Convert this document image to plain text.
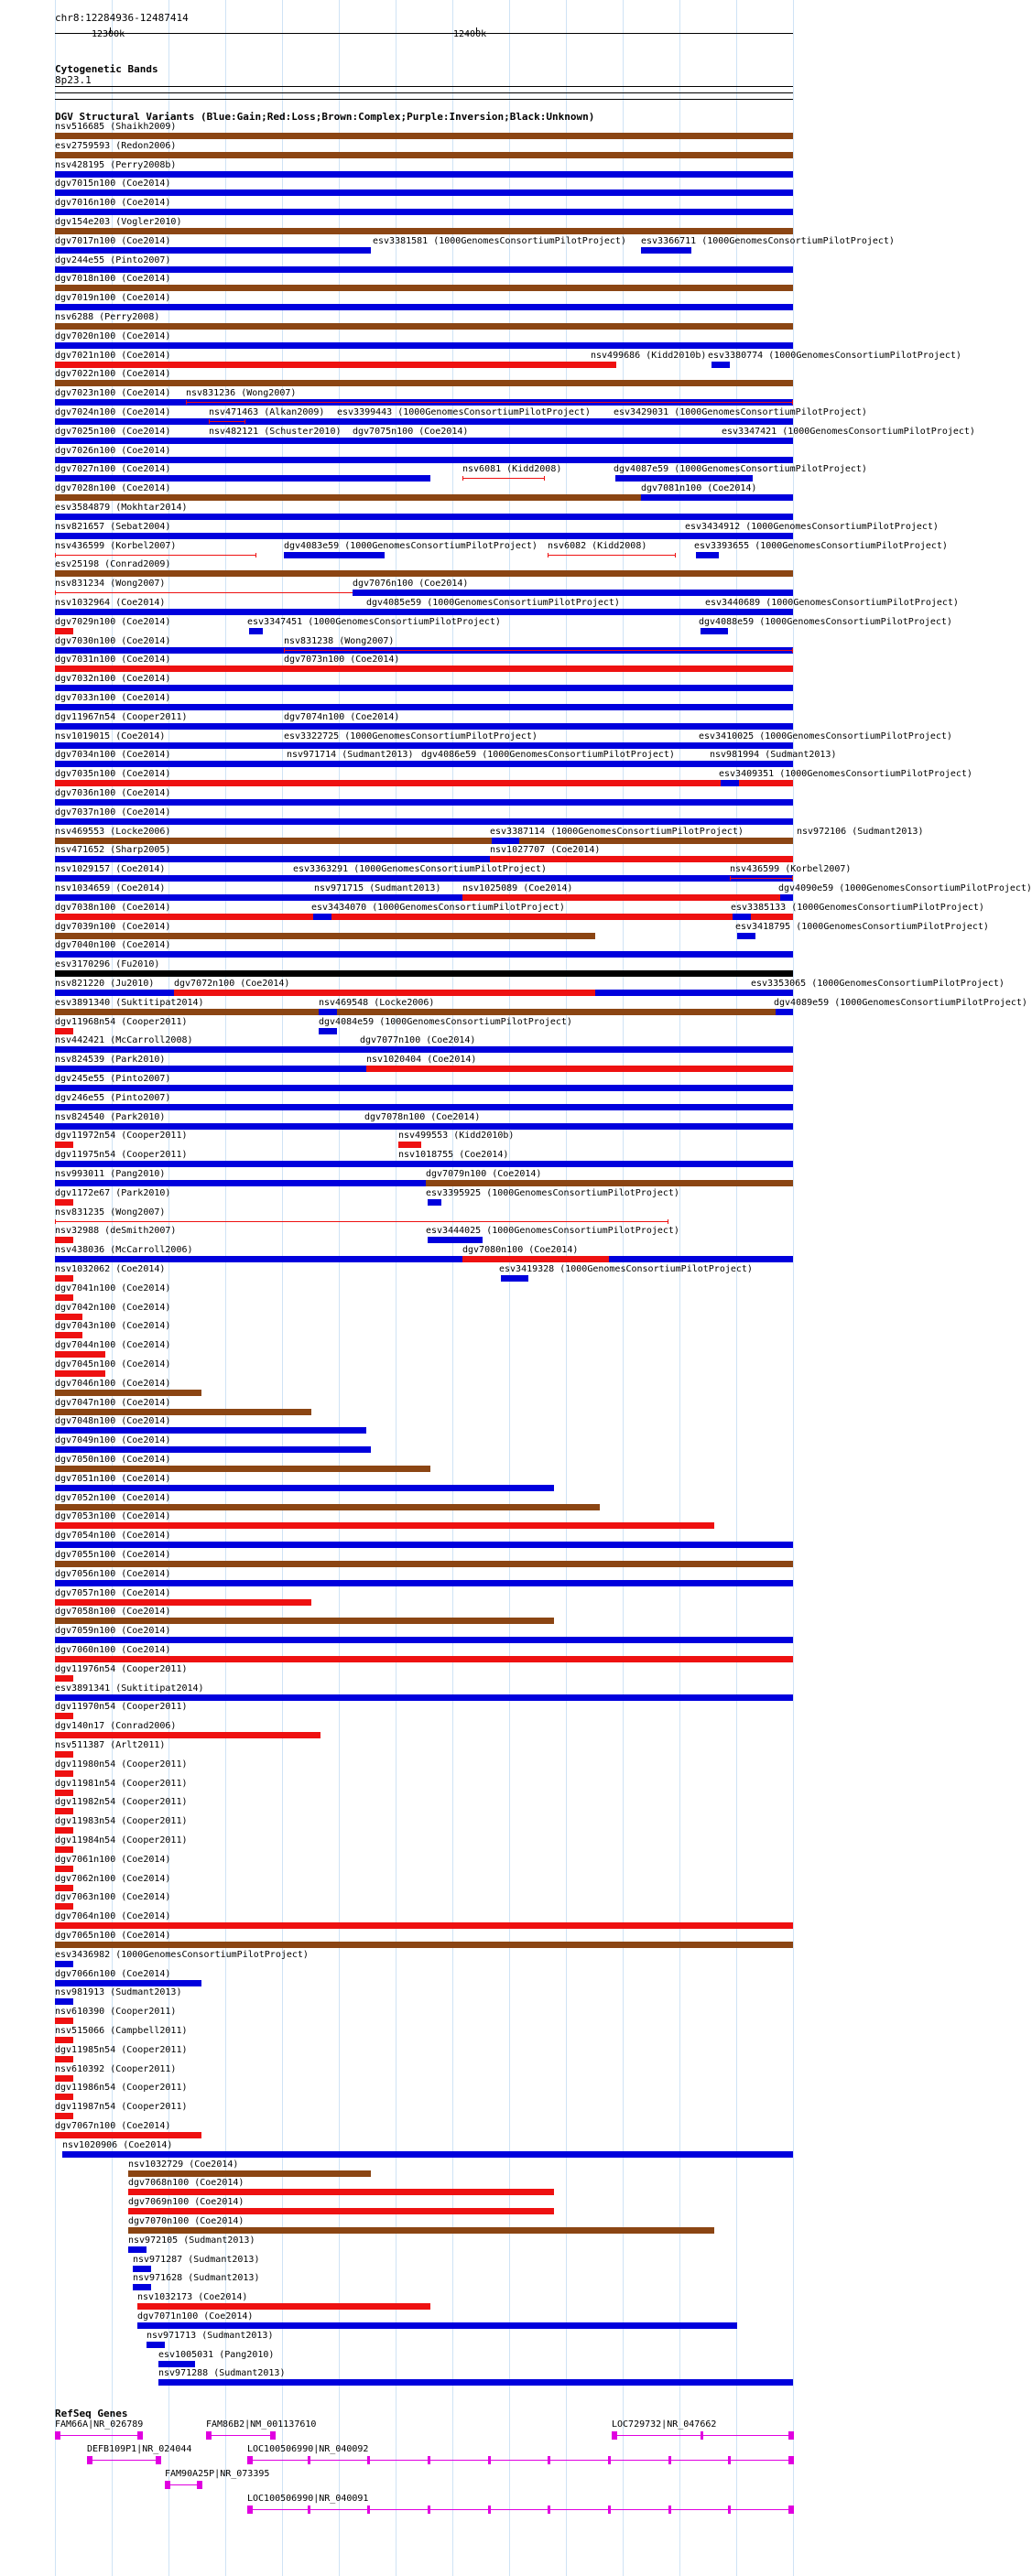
chr8:12284936-12487414
12300k	12400k
Cytogenetic Bands
8p23.1
DGV Structural Variants (Blue:Gain;Red:Loss;Brown:Complex;Purple:Inversion;Black:Unknown)
nsv516685 (Shaikh2009)
esv2759593 (Redon2006)
nsv428195 (Perry2008b)
dgv7015n100 (Coe2014)
dgv7016n100 (Coe2014)
dgv154e203 (Vogler2010)
dgv7017n100 (Coe2014)	esv3381581 (1000GenomesConsortiumPilotProject) esv3366711 (1000GenomesConsortiumPilotProject)
dgv244e55 (Pinto2007)
dgv7018n100 (Coe2014)
dgv7019n100 (Coe2014)
nsv6288 (Perry2008)
dgv7020n100 (Coe2014)
dgv7021n100 (Coe2014)	nsv499686 (Kidd2010b) esv3380774 (1000GenomesConsortiumPilotProject)
dgv7022n100 (Coe2014)
dgv7023n100 (Coe2014) nsv831236 (Wong2007)
dgv7024n100 (Coe2014)	nsv471463 (Alkan2009) esv3399443 (1000GenomesConsortiumPilotProject)	esv3429031 (1000GenomesConsortiumPilotProject)
dgv7025n100 (Coe2014)	nsv482121 (Schuster2010) dgv7075n100 (Coe2014)	esv3347421 (1000GenomesConsortiumPilotProject)
dgv7026n100 (Coe2014)
dgv7027n100 (Coe2014)	nsv6081 (Kidd2008)	dgv4087e59 (1000GenomesConsortiumPilotProject)
dgv7028n100 (Coe2014)	dgv7081n100 (Coe2014)
esv3584879 (Mokhtar2014)
nsv821657 (Sebat2004)	esv3434912 (1000GenomesConsortiumPilotProject)
nsv436599 (Korbel2007)	dgv4083e59 (1000GenomesConsortiumPilotProject) nsv6082 (Kidd2008)	esv3393655 (1000GenomesConsortiumPilotProject)
esv25198 (Conrad2009)
nsv831234 (Wong2007)	dgv7076n100 (Coe2014)
nsv1032964 (Coe2014)	dgv4085e59 (1000GenomesConsortiumPilotProject)	esv3440689 (1000GenomesConsortiumPilotProject)
dgv7029n100 (Coe2014)	esv3347451 (1000GenomesConsortiumPilotProject)	dgv4088e59 (1000GenomesConsortiumPilotProject)
dgv7030n100 (Coe2014)	nsv831238 (Wong2007)
dgv7031n100 (Coe2014)	dgv7073n100 (Coe2014)
dgv7032n100 (Coe2014)
dgv7033n100 (Coe2014)
dgv11967n54 (Cooper2011)	dgv7074n100 (Coe2014)
nsv1019015 (Coe2014)	esv3322725 (1000GenomesConsortiumPilotProject)	esv3410025 (1000GenomesConsortiumPilotProject)
dgv7034n100 (Coe2014)	nsv971714 (Sudmant2013) dgv4086e59 (1000GenomesConsortiumPilotProject)	nsv981994 (Sudmant2013)
dgv7035n100 (Coe2014)	esv3409351 (1000GenomesConsortiumPilotProject)
dgv7036n100 (Coe2014)
dgv7037n100 (Coe2014)
nsv469553 (Locke2006)	esv3387114 (1000GenomesConsortiumPilotProject)	nsv972106 (Sudmant2013)
nsv471652 (Sharp2005)	nsv1027707 (Coe2014)
nsv1029157 (Coe2014)	esv3363291 (1000GenomesConsortiumPilotProject)	nsv436599 (Korbel2007)
nsv1034659 (Coe2014)	nsv971715 (Sudmant2013) nsv1025089 (Coe2014)	dgv4090e59 (1000GenomesConsortiumPilotProject)
dgv7038n100 (Coe2014)	esv3434070 (1000GenomesConsortiumPilotProject)	esv3385133 (1000GenomesConsortiumPilotProject)
dgv7039n100 (Coe2014)	esv3418795 (1000GenomesConsortiumPilotProject)
dgv7040n100 (Coe2014)
esv3170296 (Fu2010)
nsv821220 (Ju2010) dgv7072n100 (Coe2014)	esv3353065 (1000GenomesConsortiumPilotProject)
esv3891340 (Suktitipat2014)	nsv469548 (Locke2006)	dgv4089e59 (1000GenomesConsortiumPilotProject)
dgv11968n54 (Cooper2011)	dgv4084e59 (1000GenomesConsortiumPilotProject)
nsv442421 (McCarroll2008)	dgv7077n100 (Coe2014)
nsv824539 (Park2010)	nsv1020404 (Coe2014)
dgv245e55 (Pinto2007)
dgv246e55 (Pinto2007)
nsv824540 (Park2010)	dgv7078n100 (Coe2014)
dgv11972n54 (Cooper2011)	nsv499553 (Kidd2010b)
dgv11975n54 (Cooper2011)	nsv1018755 (Coe2014)
nsv993011 (Pang2010)	dgv7079n100 (Coe2014)
dgv1172e67 (Park2010)	esv3395925 (1000GenomesConsortiumPilotProject)
nsv831235 (Wong2007)
nsv32988 (deSmith2007)	esv3444025 (1000GenomesConsortiumPilotProject)
nsv438036 (McCarroll2006)	dgv7080n100 (Coe2014)
nsv1032062 (Coe2014)	esv3419328 (1000GenomesConsortiumPilotProject)
dgv7041n100 (Coe2014)
dgv7042n100 (Coe2014)
dgv7043n100 (Coe2014)
dgv7044n100 (Coe2014)
dgv7045n100 (Coe2014)
dgv7046n100 (Coe2014)
dgv7047n100 (Coe2014)
dgv7048n100 (Coe2014)
dgv7049n100 (Coe2014)
dgv7050n100 (Coe2014)
dgv7051n100 (Coe2014)
dgv7052n100 (Coe2014)
dgv7053n100 (Coe2014)
dgv7054n100 (Coe2014)
dgv7055n100 (Coe2014)
dgv7056n100 (Coe2014)
dgv7057n100 (Coe2014)
dgv7058n100 (Coe2014)
dgv7059n100 (Coe2014)
dgv7060n100 (Coe2014)
dgv11976n54 (Cooper2011)
esv3891341 (Suktitipat2014)
dgv11970n54 (Cooper2011)
dgv140n17 (Conrad2006)
nsv511387 (Arlt2011)
dgv11980n54 (Cooper2011)
dgv11981n54 (Cooper2011)
dgv11982n54 (Cooper2011)
dgv11983n54 (Cooper2011)
dgv11984n54 (Cooper2011)
dgv7061n100 (Coe2014)
dgv7062n100 (Coe2014)
dgv7063n100 (Coe2014)
dgv7064n100 (Coe2014)
dgv7065n100 (Coe2014)
esv3436982 (1000GenomesConsortiumPilotProject)
dgv7066n100 (Coe2014)
nsv981913 (Sudmant2013)
nsv610390 (Cooper2011)
nsv515066 (Campbell2011)
dgv11985n54 (Cooper2011)
nsv610392 (Cooper2011)
dgv11986n54 (Cooper2011)
dgv11987n54 (Cooper2011)
dgv7067n100 (Coe2014)
nsv1020906 (Coe2014)
nsv1032729 (Coe2014)
dgv7068n100 (Coe2014)
dgv7069n100 (Coe2014)
dgv7070n100 (Coe2014)
nsv972105 (Sudmant2013)
nsv971287 (Sudmant2013)
nsv971628 (Sudmant2013)
nsv1032173 (Coe2014)
dgv7071n100 (Coe2014)
nsv971713 (Sudmant2013)
esv1005031 (Pang2010)
nsv971288 (Sudmant2013)
RefSeq Genes
FAM66A|NR_026789	FAM86B2|NM_001137610	LOC729732|NR_047662
DEFB109P1|NR_024044	LOC100506990|NR_040092
FAM90A25P|NR_073395
LOC100506990|NR_040091
